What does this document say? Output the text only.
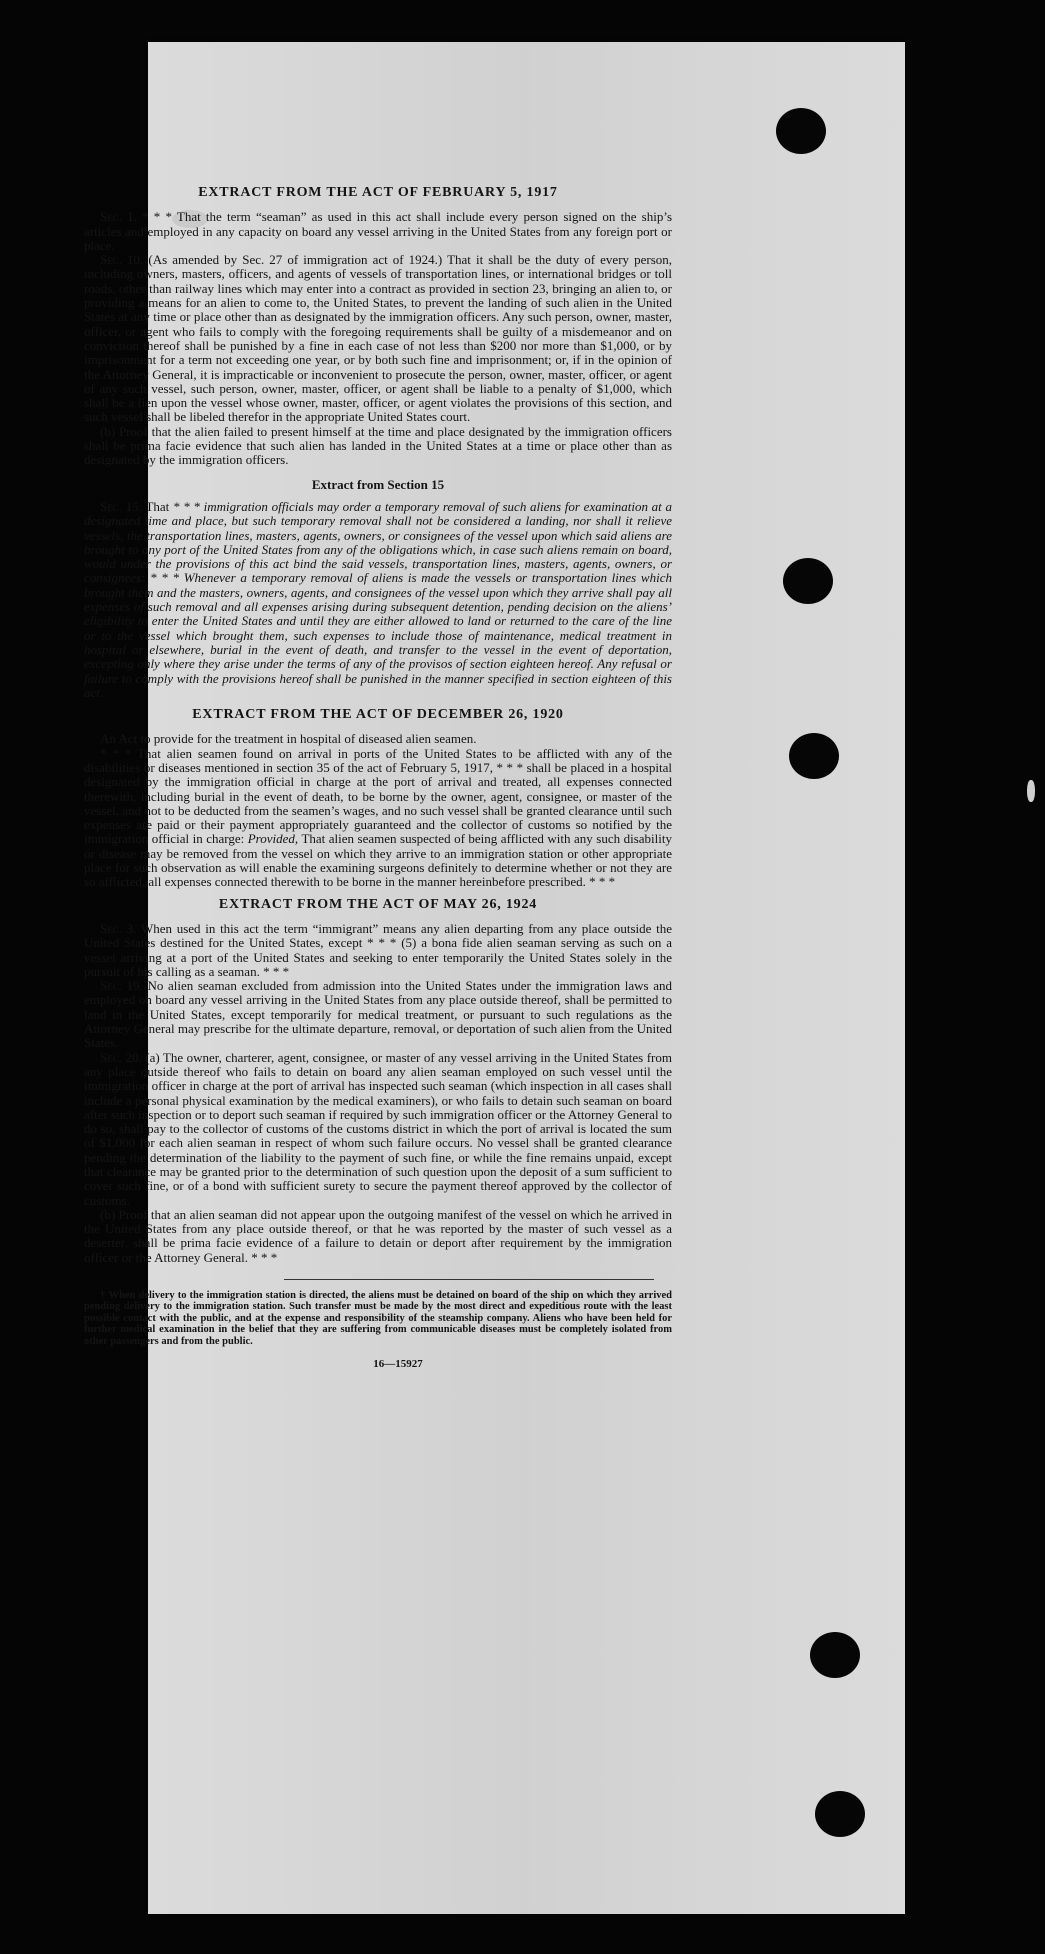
EXTRACT FROM THE ACT OF FEBRUARY 5, 1917

Sec. 1. * * * That the term “seaman” as used in this act shall include every person signed on the ship’s articles and employed in any capacity on board any vessel arriving in the United States from any foreign port or place.

Sec. 10. (As amended by Sec. 27 of immigration act of 1924.) That it shall be the duty of every person, including owners, masters, officers, and agents of vessels of transportation lines, or international bridges or toll roads, other than railway lines which may enter into a contract as provided in section 23, bringing an alien to, or providing a means for an alien to come to, the United States, to prevent the landing of such alien in the United States at any time or place other than as designated by the immigration officers. Any such person, owner, master, officer, or agent who fails to comply with the foregoing requirements shall be guilty of a misdemeanor and on conviction thereof shall be punished by a fine in each case of not less than $200 nor more than $1,000, or by imprisonment for a term not exceeding one year, or by both such fine and imprisonment; or, if in the opinion of the Attorney General, it is impracticable or inconvenient to prosecute the person, owner, master, officer, or agent of any such vessel, such person, owner, master, officer, or agent shall be liable to a penalty of $1,000, which shall be a lien upon the vessel whose owner, master, officer, or agent violates the provisions of this section, and such vessel shall be libeled therefor in the appropriate United States court.

(b) Proof that the alien failed to present himself at the time and place designated by the immigration officers shall be prima facie evidence that such alien has landed in the United States at a time or place other than as designated by the immigration officers.

Extract from Section 15

Sec. 15. That * * * immigration officials may order a temporary removal of such aliens for examination at a designated time and place, but such temporary removal shall not be considered a landing, nor shall it relieve vessels, the transportation lines, masters, agents, owners, or consignees of the vessel upon which said aliens are brought to any port of the United States from any of the obligations which, in case such aliens remain on board, would under the provisions of this act bind the said vessels, transportation lines, masters, agents, owners, or consignees: * * * Whenever a temporary removal of aliens is made the vessels or transportation lines which brought them and the masters, owners, agents, and consignees of the vessel upon which they arrive shall pay all expenses of such removal and all expenses arising during subsequent detention, pending decision on the aliens’ eligibility to enter the United States and until they are either allowed to land or returned to the care of the line or to the vessel which brought them, such expenses to include those of maintenance, medical treatment in hospital or elsewhere, burial in the event of death, and transfer to the vessel in the event of deportation, excepting only where they arise under the terms of any of the provisos of section eighteen hereof. Any refusal or failure to comply with the provisions hereof shall be punished in the manner specified in section eighteen of this act.

EXTRACT FROM THE ACT OF DECEMBER 26, 1920

An Act to provide for the treatment in hospital of diseased alien seamen.

* * * That alien seamen found on arrival in ports of the United States to be afflicted with any of the disabilities or diseases mentioned in section 35 of the act of February 5, 1917, * * * shall be placed in a hospital designated by the immigration official in charge at the port of arrival and treated, all expenses connected therewith, including burial in the event of death, to be borne by the owner, agent, consignee, or master of the vessel, and not to be deducted from the seamen’s wages, and no such vessel shall be granted clearance until such expenses are paid or their payment appropriately guaranteed and the collector of customs so notified by the immigration official in charge: Provided, That alien seamen suspected of being afflicted with any such disability or disease may be removed from the vessel on which they arrive to an immigration station or other appropriate place for such observation as will enable the examining surgeons definitely to determine whether or not they are so afflicted, all expenses connected therewith to be borne in the manner hereinbefore prescribed. * * *

EXTRACT FROM THE ACT OF MAY 26, 1924

Sec. 3. When used in this act the term “immigrant” means any alien departing from any place outside the United States destined for the United States, except * * * (5) a bona fide alien seaman serving as such on a vessel arriving at a port of the United States and seeking to enter temporarily the United States solely in the pursuit of his calling as a seaman. * * *

Sec. 19. No alien seaman excluded from admission into the United States under the immigration laws and employed on board any vessel arriving in the United States from any place outside thereof, shall be permitted to land in the United States, except temporarily for medical treatment, or pursuant to such regulations as the Attorney General may prescribe for the ultimate departure, removal, or deportation of such alien from the United States.

Sec. 20. (a) The owner, charterer, agent, consignee, or master of any vessel arriving in the United States from any place outside thereof who fails to detain on board any alien seaman employed on such vessel until the immigration officer in charge at the port of arrival has inspected such seaman (which inspection in all cases shall include a personal physical examination by the medical examiners), or who fails to detain such seaman on board after such inspection or to deport such seaman if required by such immigration officer or the Attorney General to do so, shall pay to the collector of customs of the customs district in which the port of arrival is located the sum of $1,000 for each alien seaman in respect of whom such failure occurs. No vessel shall be granted clearance pending the determination of the liability to the payment of such fine, or while the fine remains unpaid, except that clearance may be granted prior to the determination of such question upon the deposit of a sum sufficient to cover such fine, or of a bond with sufficient surety to secure the payment thereof approved by the collector of customs.

(b) Proof that an alien seaman did not appear upon the outgoing manifest of the vessel on which he arrived in the United States from any place outside thereof, or that he was reported by the master of such vessel as a deserter, shall be prima facie evidence of a failure to detain or deport after requirement by the immigration officer or the Attorney General. * * *

† When delivery to the immigration station is directed, the aliens must be detained on board of the ship on which they arrived pending delivery to the immigration station. Such transfer must be made by the most direct and expeditious route with the least possible contact with the public, and at the expense and responsibility of the steamship company. Aliens who have been held for further medical examination in the belief that they are suffering from communicable diseases must be completely isolated from other passengers and from the public.

16—15927
